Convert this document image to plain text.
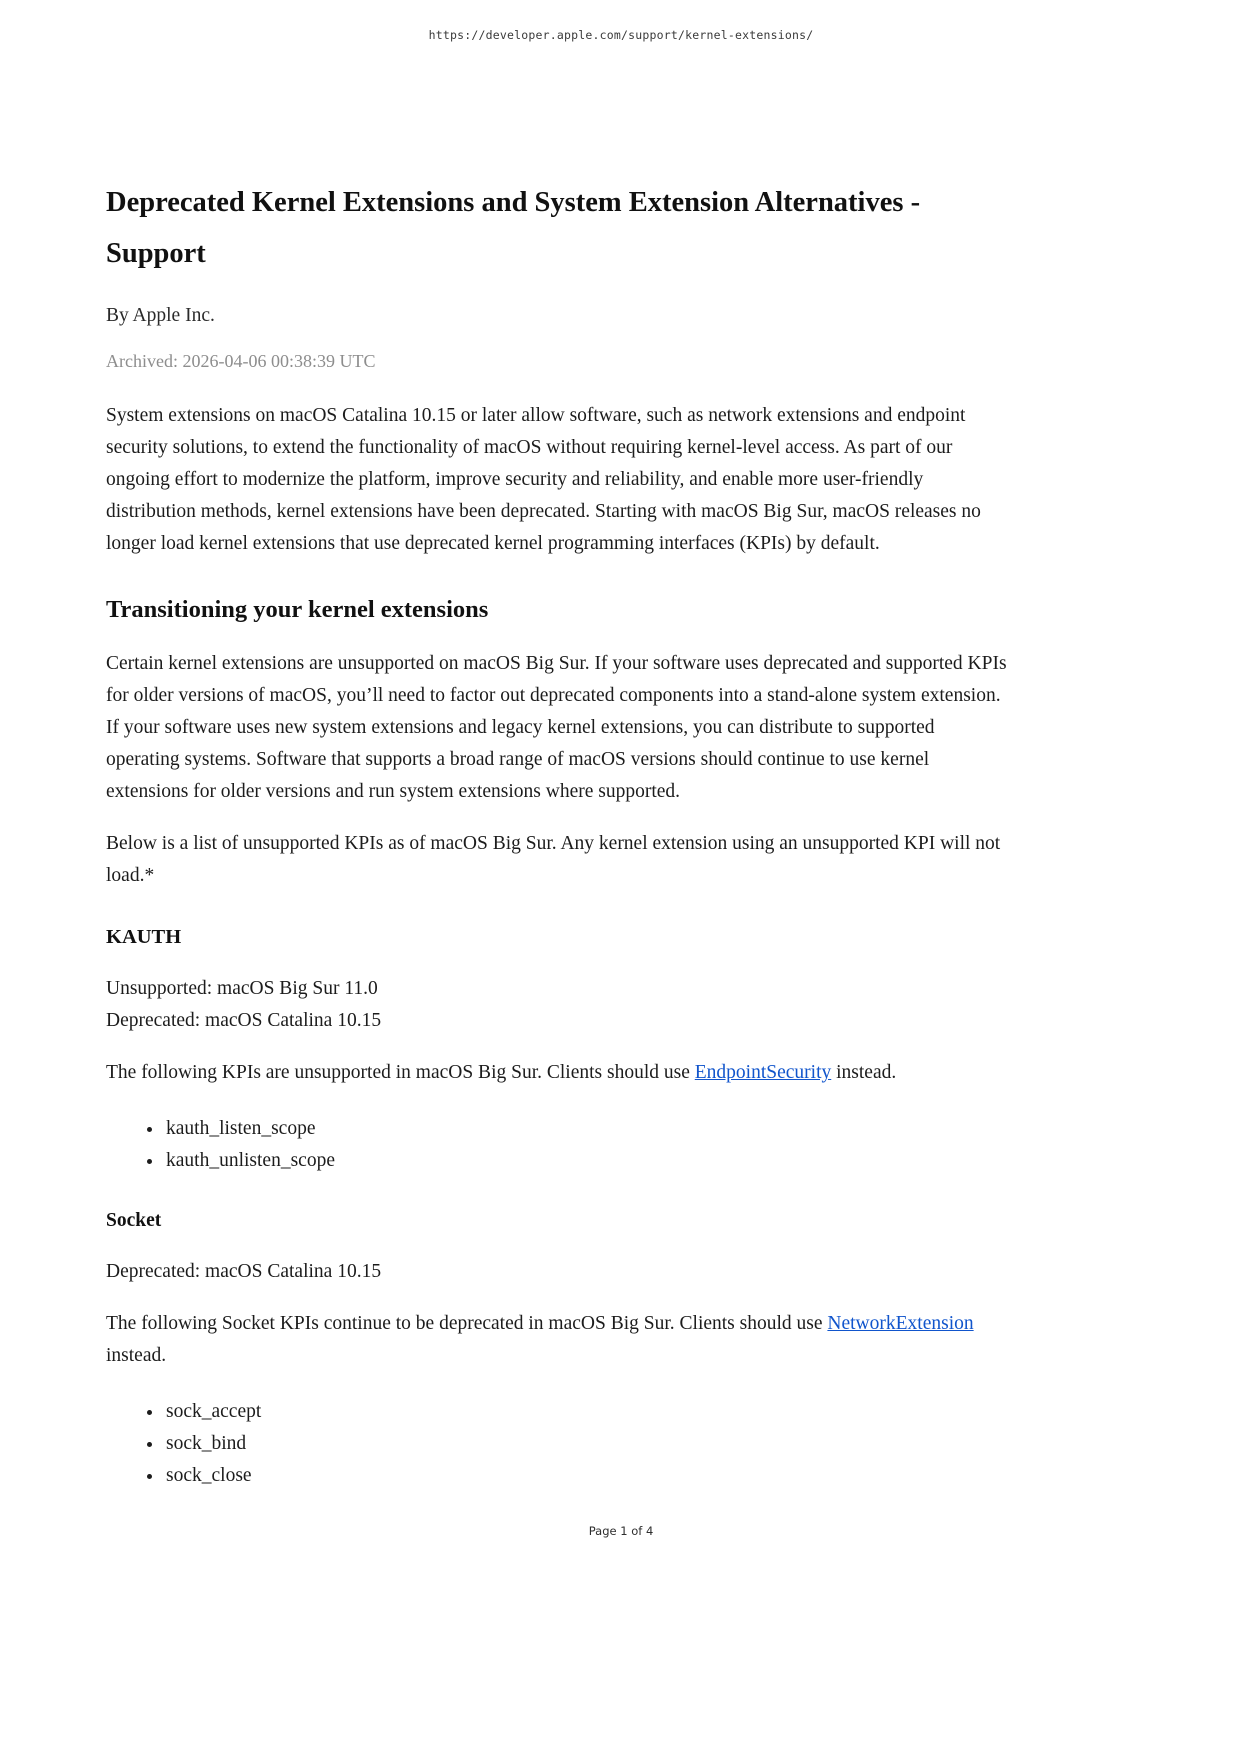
https://developer.apple.com/support/kernel-extensions/
Deprecated Kernel Extensions and System Extension Alternatives - Support

By Apple Inc.

Archived: 2026-04-06 00:38:39 UTC

System extensions on macOS Catalina 10.15 or later allow software, such as network extensions and endpoint security solutions, to extend the functionality of macOS without requiring kernel-level access. As part of our ongoing effort to modernize the platform, improve security and reliability, and enable more user-friendly distribution methods, kernel extensions have been deprecated. Starting with macOS Big Sur, macOS releases no longer load kernel extensions that use deprecated kernel programming interfaces (KPIs) by default.

Transitioning your kernel extensions

Certain kernel extensions are unsupported on macOS Big Sur. If your software uses deprecated and supported KPIs for older versions of macOS, you’ll need to factor out deprecated components into a stand-alone system extension. If your software uses new system extensions and legacy kernel extensions, you can distribute to supported operating systems. Software that supports a broad range of macOS versions should continue to use kernel extensions for older versions and run system extensions where supported.

Below is a list of unsupported KPIs as of macOS Big Sur. Any kernel extension using an unsupported KPI will not load.*

KAUTH

Unsupported: macOS Big Sur 11.0
Deprecated: macOS Catalina 10.15

The following KPIs are unsupported in macOS Big Sur. Clients should use EndpointSecurity instead.

• kauth_listen_scope
• kauth_unlisten_scope
Socket

Deprecated: macOS Catalina 10.15

The following Socket KPIs continue to be deprecated in macOS Big Sur. Clients should use NetworkExtension instead.

• sock_accept
• sock_bind
• sock_close
Page 1 of 4
